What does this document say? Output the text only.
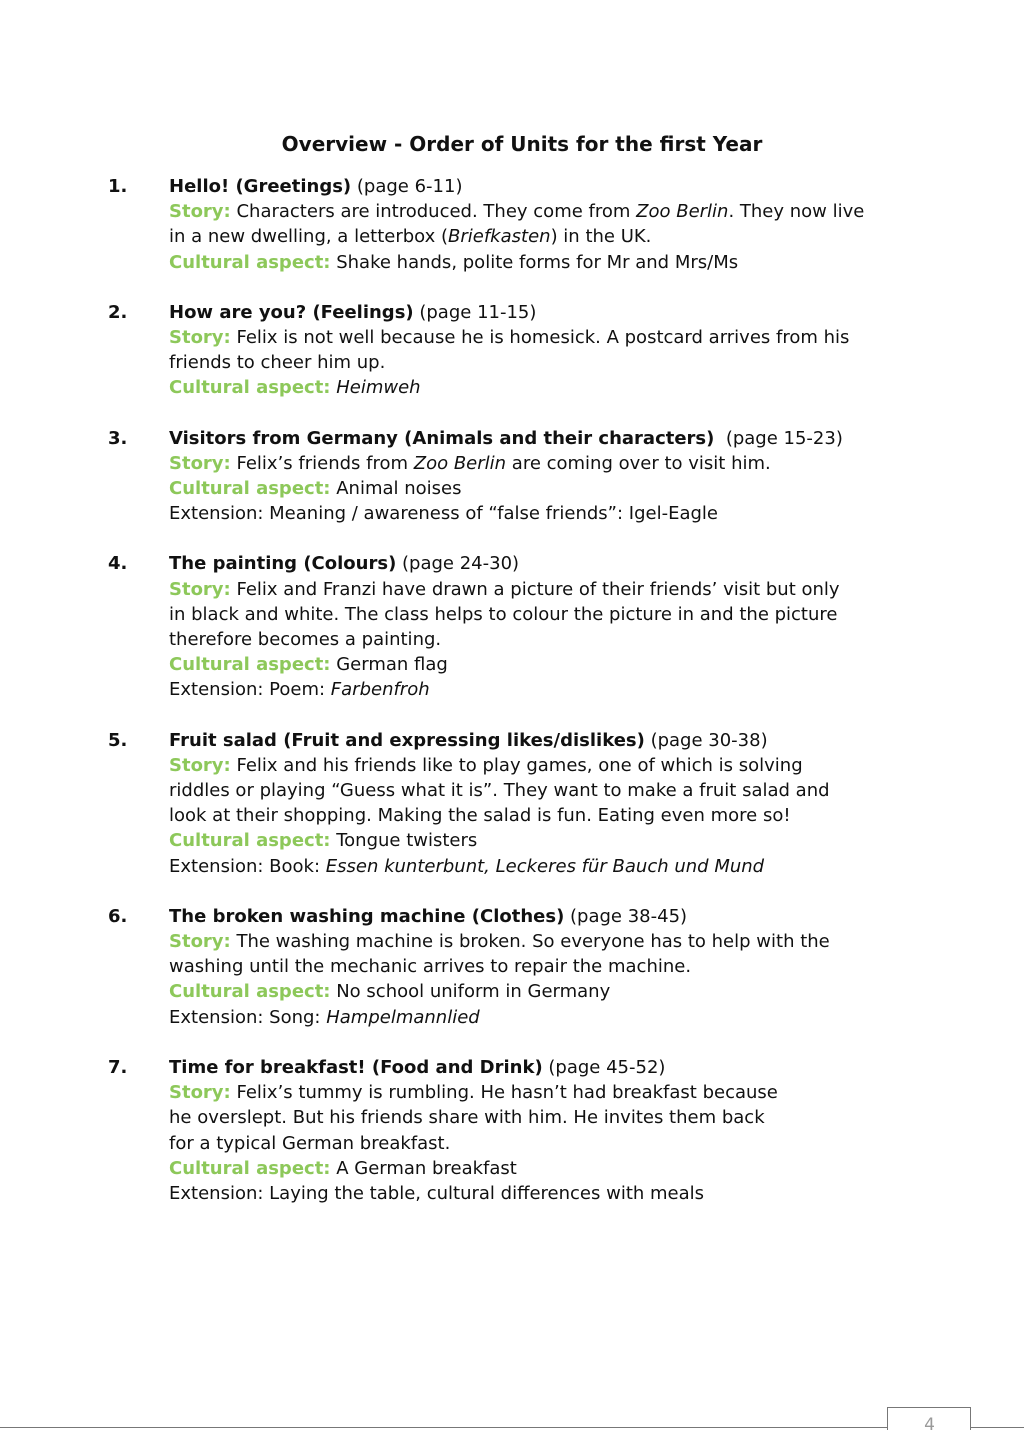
Overview - Order of Units for the first Year
1. Hello! (Greetings) (page 6-11)
Story: Characters are introduced. They come from Zoo Berlin. They now live
in a new dwelling, a letterbox (Briefkasten) in the UK.
Cultural aspect: Shake hands, polite forms for Mr and Mrs/Ms
2. How are you? (Feelings) (page 11-15)
Story: Felix is not well because he is homesick. A postcard arrives from his
friends to cheer him up.
Cultural aspect: Heimweh
3. Visitors from Germany (Animals and their characters)  (page 15-23)
Story: Felix’s friends from Zoo Berlin are coming over to visit him.
Cultural aspect: Animal noises
Extension: Meaning / awareness of “false friends”: Igel-Eagle
4. The painting (Colours) (page 24-30)
Story: Felix and Franzi have drawn a picture of their friends’ visit but only
in black and white. The class helps to colour the picture in and the picture
therefore becomes a painting.
Cultural aspect: German flag
Extension: Poem: Farbenfroh
5. Fruit salad (Fruit and expressing likes/dislikes) (page 30-38)
Story: Felix and his friends like to play games, one of which is solving
riddles or playing “Guess what it is”. They want to make a fruit salad and
look at their shopping. Making the salad is fun. Eating even more so!
Cultural aspect: Tongue twisters
Extension: Book: Essen kunterbunt, Leckeres für Bauch und Mund
6. The broken washing machine (Clothes) (page 38-45)
Story: The washing machine is broken. So everyone has to help with the
washing until the mechanic arrives to repair the machine.
Cultural aspect: No school uniform in Germany
Extension: Song: Hampelmannlied
7. Time for breakfast! (Food and Drink) (page 45-52)
Story: Felix’s tummy is rumbling. He hasn’t had breakfast because
he overslept. But his friends share with him. He invites them back
for a typical German breakfast.
Cultural aspect: A German breakfast
Extension: Laying the table, cultural differences with meals
4
